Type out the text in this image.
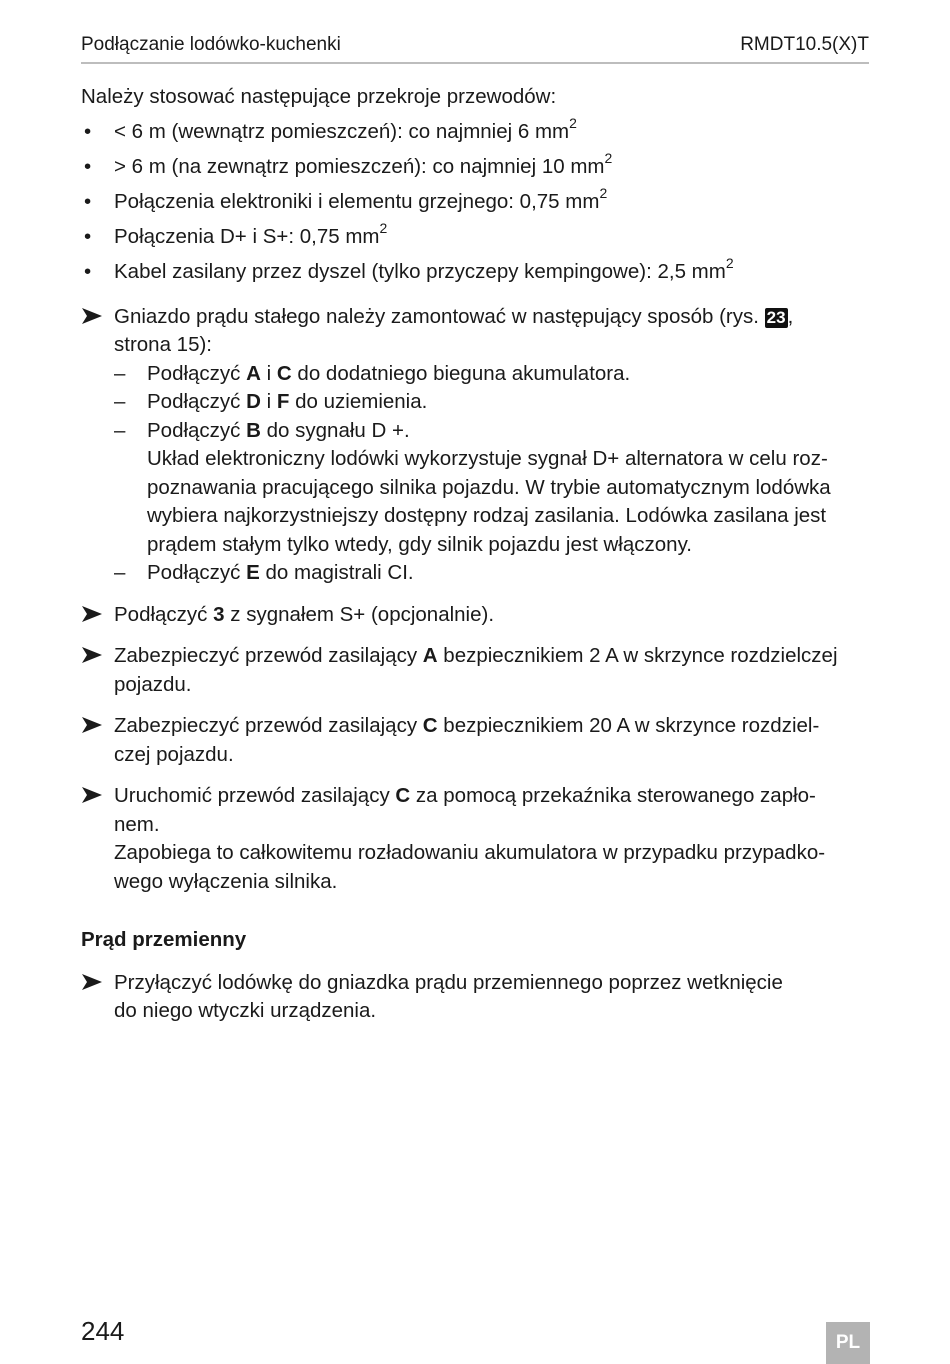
Podłączanie lodówko-kuchenki	RMDT10.5(X)T

Należy stosować następujące przekroje przewodów:

• < 6 m (wewnątrz pomieszczeń): co najmniej 6 $mm^2$
• > 6 m (na zewnątrz pomieszczeń): co najmniej 10 $mm^2$
• Połączenia elektroniki i elementu grzejnego: 0,75 $mm^2$
• Połączenia D+ i S+: 0,75 $mm^2$
• Kabel zasilany przez dyszel (tylko przyczepy kempingowe): 2,5 $mm^2$
Gniazdo prądu stałego należy zamontować w następujący sposób (rys. 23,
strona 15):
– Podłączyć A i C do dodatniego bieguna akumulatora.
– Podłączyć D i F do uziemienia.
– Podłączyć B do sygnału D +.
Układ elektroniczny lodówki wykorzystuje sygnał D+ alternatora w celu roz-
poznawania pracującego silnika pojazdu. W trybie automatycznym lodówka
wybiera najkorzystniejszy dostępny rodzaj zasilania. Lodówka zasilana jest
prądem stałym tylko wtedy, gdy silnik pojazdu jest włączony.
– Podłączyć E do magistrali CI.
Podłączyć 3 z sygnałem S+ (opcjonalnie).
Zabezpieczyć przewód zasilający A bezpiecznikiem 2 A w skrzynce rozdzielczej
pojazdu.
Zabezpieczyć przewód zasilający C bezpiecznikiem 20 A w skrzynce rozdziel-
czej pojazdu.
Uruchomić przewód zasilający C za pomocą przekaźnika sterowanego zapło-
nem.
Zapobiega to całkowitemu rozładowaniu akumulatora w przypadku przypadko-
wego wyłączenia silnika.
Prąd przemienny
Przyłączyć lodówkę do gniazdka prądu przemiennego poprzez wetknięcie
do niego wtyczki urządzenia.
244	PL
